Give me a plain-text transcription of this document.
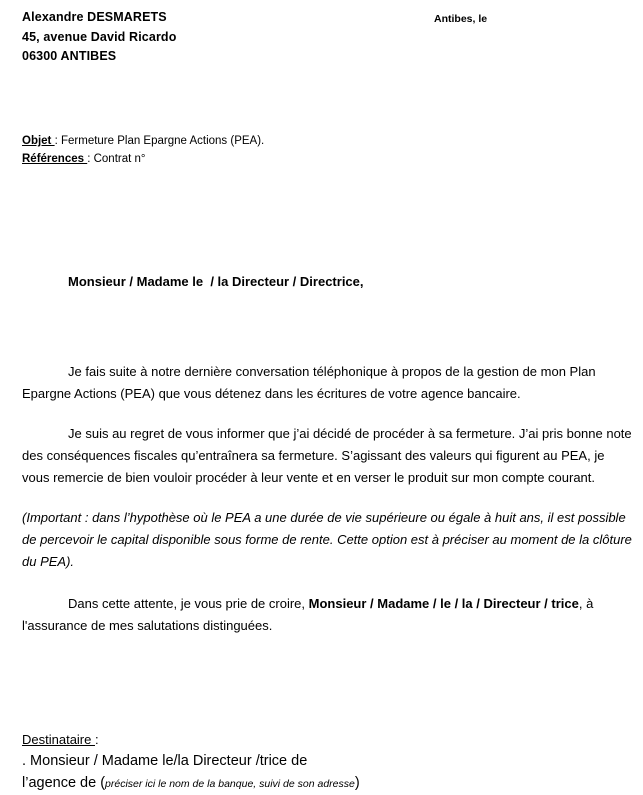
Alexandre DESMARETS
45, avenue David Ricardo
06300 ANTIBES
Antibes, le
Objet : Fermeture Plan Epargne Actions (PEA).
Références : Contrat n°
Monsieur / Madame le  / la Directeur / Directrice,

Je fais suite à notre dernière conversation téléphonique à propos de la gestion de mon Plan Epargne Actions (PEA) que vous détenez dans les écritures de votre agence bancaire.

Je suis au regret de vous informer que j’ai décidé de procéder à sa fermeture. J’ai pris bonne note des conséquences fiscales qu’entraînera sa fermeture. S’agissant des valeurs qui figurent au PEA, je vous remercie de bien vouloir procéder à leur vente et en verser le produit sur mon compte courant.

(Important : dans l’hypothèse où le PEA a une durée de vie supérieure ou égale à huit ans, il est possible de percevoir le capital disponible sous forme de rente. Cette option est à préciser au moment de la clôture du PEA).

Dans cette attente, je vous prie de croire, Monsieur / Madame / le / la / Directeur / trice, à l'assurance de mes salutations distinguées.

Destinataire :
. Monsieur / Madame le/la Directeur /trice de
l’agence de (préciser ici le nom de la banque, suivi de son adresse)
